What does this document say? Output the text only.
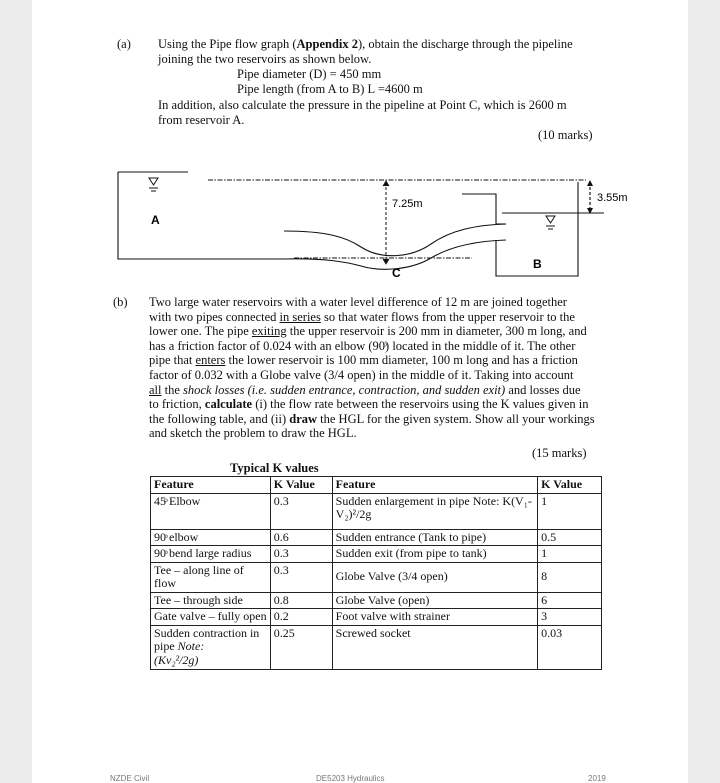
(a) Using the Pipe flow graph (Appendix 2), obtain the discharge through the pipeline
joining the two reservoirs as shown below.
Pipe diameter (D) = 450 mm
Pipe length (from A to B) L =4600 m
In addition, also calculate the pressure in the pipeline at Point C, which is 2600 m
from reservoir A.
(10 marks)
A
B
C
7.25m	3.55m
(b) Two large water reservoirs with a water level difference of 12 m are joined together
with two pipes connected in series so that water flows from the upper reservoir to the
lower one. The pipe exiting the upper reservoir is 200 mm in diameter, 300 m long, and
has a friction factor of 0.024 with an elbow (90ͦ) located in the middle of it. The other
pipe that enters the lower reservoir is 100 mm diameter, 100 m long and has a friction
factor of 0.032 with a Globe valve (3/4 open) in the middle of it. Taking into account
all the shock losses (i.e. sudden entrance, contraction, and sudden exit) and losses due
to friction, calculate (i) the flow rate between the reservoirs using the K values given in
the following table, and (ii) draw the HGL for the given system. Show all your workings
and sketch the problem to draw the HGL.
(15 marks)
Typical K values
Feature	K Value	Feature	K Value
45ͦ Elbow	0.3	Sudden enlargement in pipe Note: K(V₁-V₂)²/2g	1
90ͦ elbow	0.6	Sudden entrance (Tank to pipe)	0.5
90ͦ bend large radius	0.3	Sudden exit (from pipe to tank)	1
Tee – along line of flow	0.3	Globe Valve (3/4 open)	8
Tee – through side	0.8	Globe Valve (open)	6
Gate valve – fully open	0.2	Foot valve with strainer	3
Sudden contraction in pipe Note:
(Kv₂²/2g)	0.25	Screwed socket	0.03
NZDE Civil	DE5203 Hydraulics	2019
